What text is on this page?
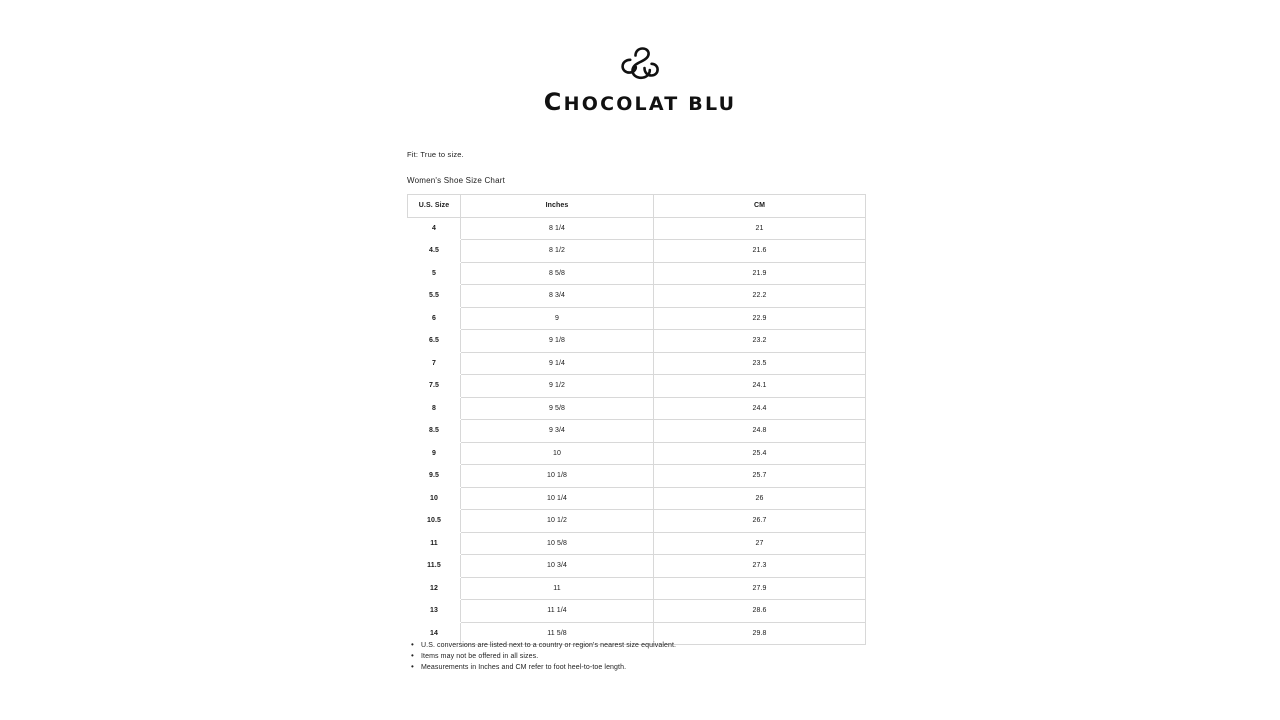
CHOCOLAT BLU
Fit: True to size.
Women's Shoe Size Chart
U.S. Size	Inches	CM
4	8 1/4	21
4.5	8 1/2	21.6
5	8 5/8	21.9
5.5	8 3/4	22.2
6	9	22.9
6.5	9 1/8	23.2
7	9 1/4	23.5
7.5	9 1/2	24.1
8	9 5/8	24.4
8.5	9 3/4	24.8
9	10	25.4
9.5	10 1/8	25.7
10	10 1/4	26
10.5	10 1/2	26.7
11	10 5/8	27
11.5	10 3/4	27.3
12	11	27.9
13	11 1/4	28.6
14	11 5/8	29.8
• U.S. conversions are listed next to a country or region's nearest size equivalent.
• Items may not be offered in all sizes.
• Measurements in Inches and CM refer to foot heel-to-toe length.
